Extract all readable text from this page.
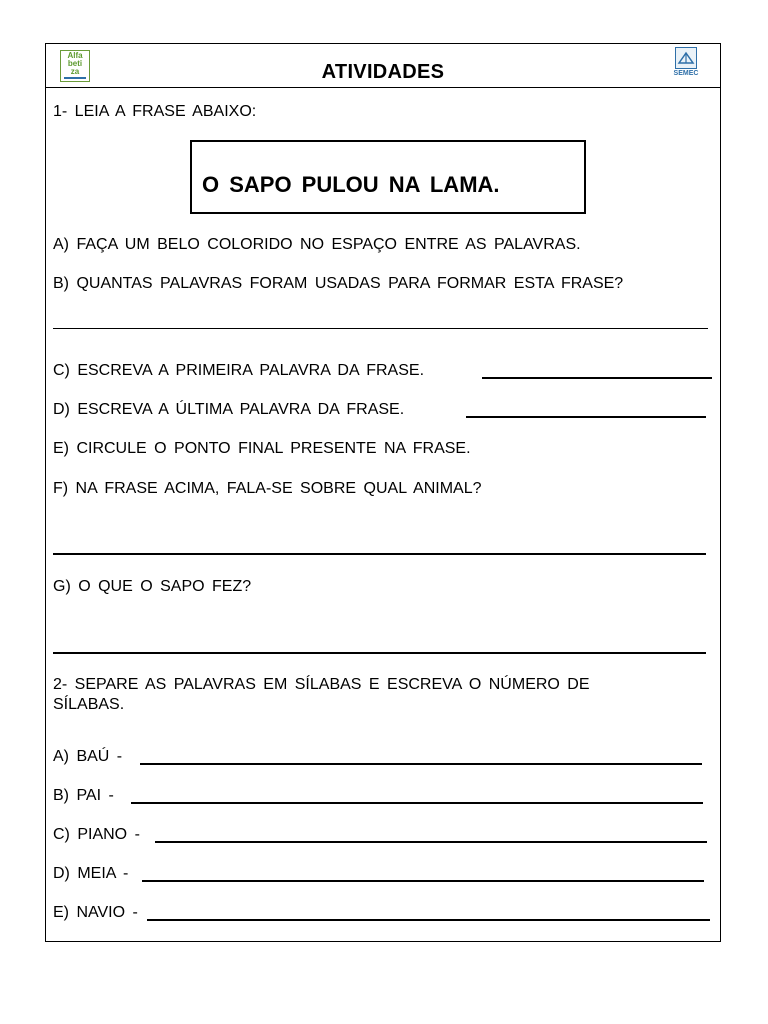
Alfa
beti
za	ATIVIDADES	SEMEC
1- LEIA A FRASE ABAIXO:
O SAPO PULOU NA LAMA.
A) FAÇA UM BELO COLORIDO NO ESPAÇO ENTRE AS PALAVRAS.
B) QUANTAS PALAVRAS FORAM USADAS PARA FORMAR ESTA FRASE?
C) ESCREVA A PRIMEIRA PALAVRA DA FRASE.
D) ESCREVA A ÚLTIMA PALAVRA DA FRASE.
E) CIRCULE O PONTO FINAL PRESENTE NA FRASE.
F) NA FRASE ACIMA, FALA-SE SOBRE QUAL ANIMAL?
G) O QUE O SAPO FEZ?
2- SEPARE AS PALAVRAS EM SÍLABAS E ESCREVA O NÚMERO DE
SÍLABAS.
A) BAÚ -
B) PAI -
C) PIANO -
D) MEIA -
E) NAVIO -
